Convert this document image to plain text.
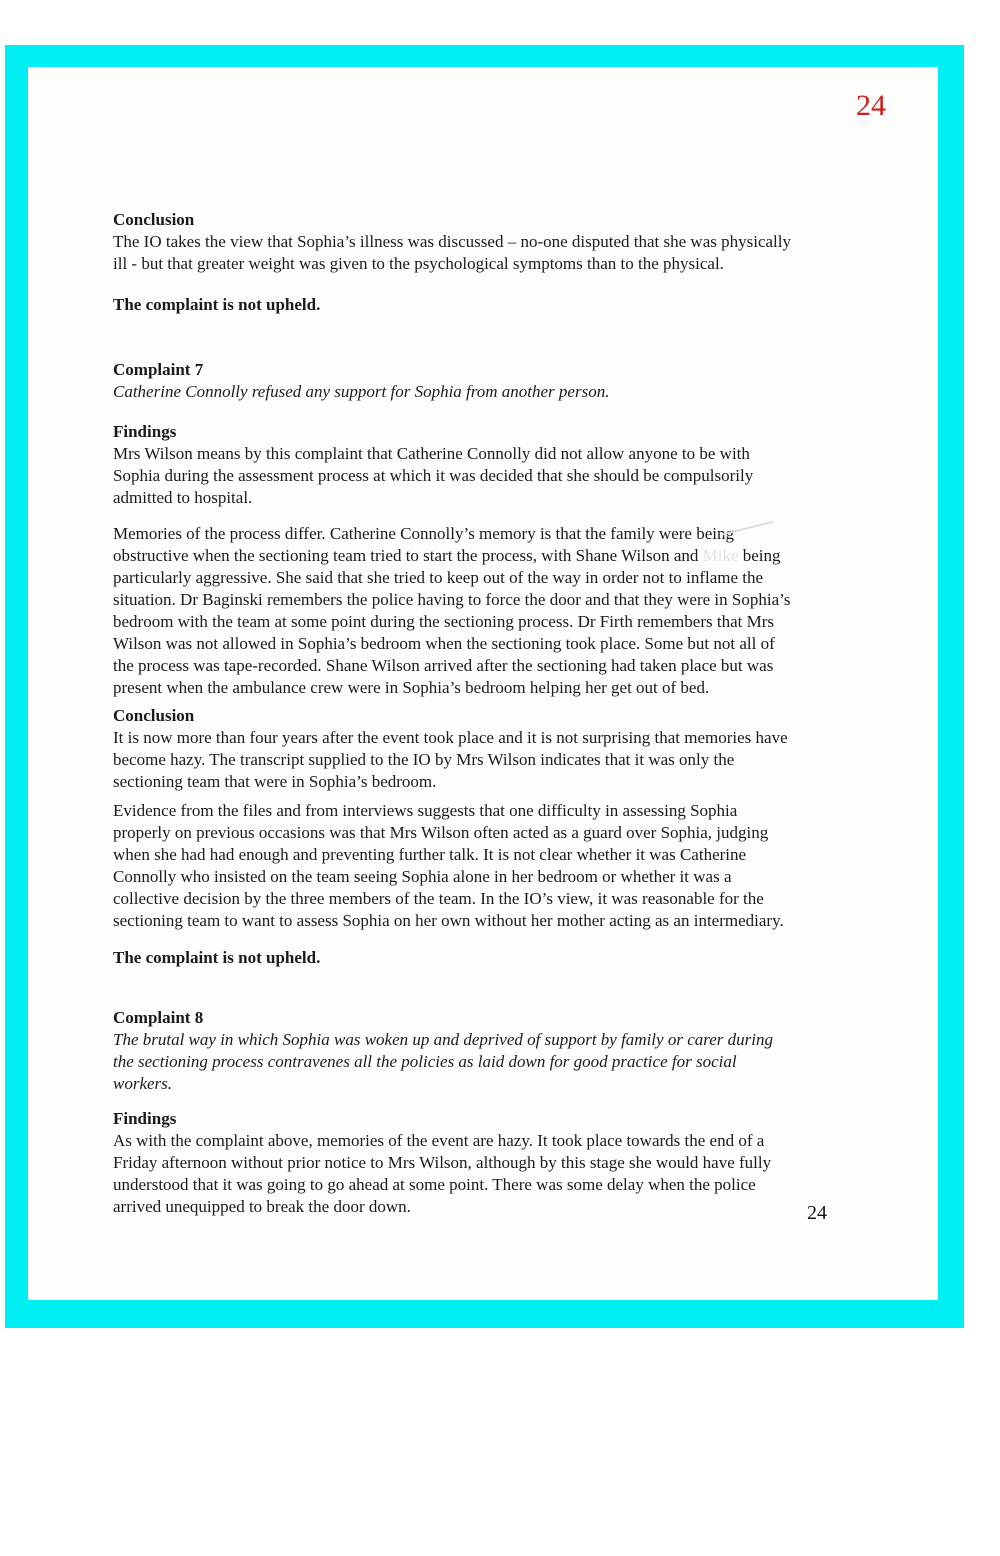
24
Conclusion
The IO takes the view that Sophia’s illness was discussed – no-one disputed that she was physically
ill - but that greater weight was given to the psychological symptoms than to the physical.
The complaint is not upheld.
Complaint 7
Catherine Connolly refused any support for Sophia from another person.
Findings
Mrs Wilson means by this complaint that Catherine Connolly did not allow anyone to be with
Sophia during the assessment process at which it was decided that she should be compulsorily
admitted to hospital.
Memories of the process differ. Catherine Connolly’s memory is that the family were being
obstructive when the sectioning team tried to start the process, with Shane Wilson and Mike being
particularly aggressive. She said that she tried to keep out of the way in order not to inflame the
situation. Dr Baginski remembers the police having to force the door and that they were in Sophia’s
bedroom with the team at some point during the sectioning process. Dr Firth remembers that Mrs
Wilson was not allowed in Sophia’s bedroom when the sectioning took place. Some but not all of
the process was tape-recorded. Shane Wilson arrived after the sectioning had taken place but was
present when the ambulance crew were in Sophia’s bedroom helping her get out of bed.
Conclusion
It is now more than four years after the event took place and it is not surprising that memories have
become hazy. The transcript supplied to the IO by Mrs Wilson indicates that it was only the
sectioning team that were in Sophia’s bedroom.
Evidence from the files and from interviews suggests that one difficulty in assessing Sophia
properly on previous occasions was that Mrs Wilson often acted as a guard over Sophia, judging
when she had had enough and preventing further talk. It is not clear whether it was Catherine
Connolly who insisted on the team seeing Sophia alone in her bedroom or whether it was a
collective decision by the three members of the team. In the IO’s view, it was reasonable for the
sectioning team to want to assess Sophia on her own without her mother acting as an intermediary.
The complaint is not upheld.
Complaint 8
The brutal way in which Sophia was woken up and deprived of support by family or carer during
the sectioning process contravenes all the policies as laid down for good practice for social
workers.
Findings
As with the complaint above, memories of the event are hazy. It took place towards the end of a
Friday afternoon without prior notice to Mrs Wilson, although by this stage she would have fully
understood that it was going to go ahead at some point. There was some delay when the police
arrived unequipped to break the door down.	24
